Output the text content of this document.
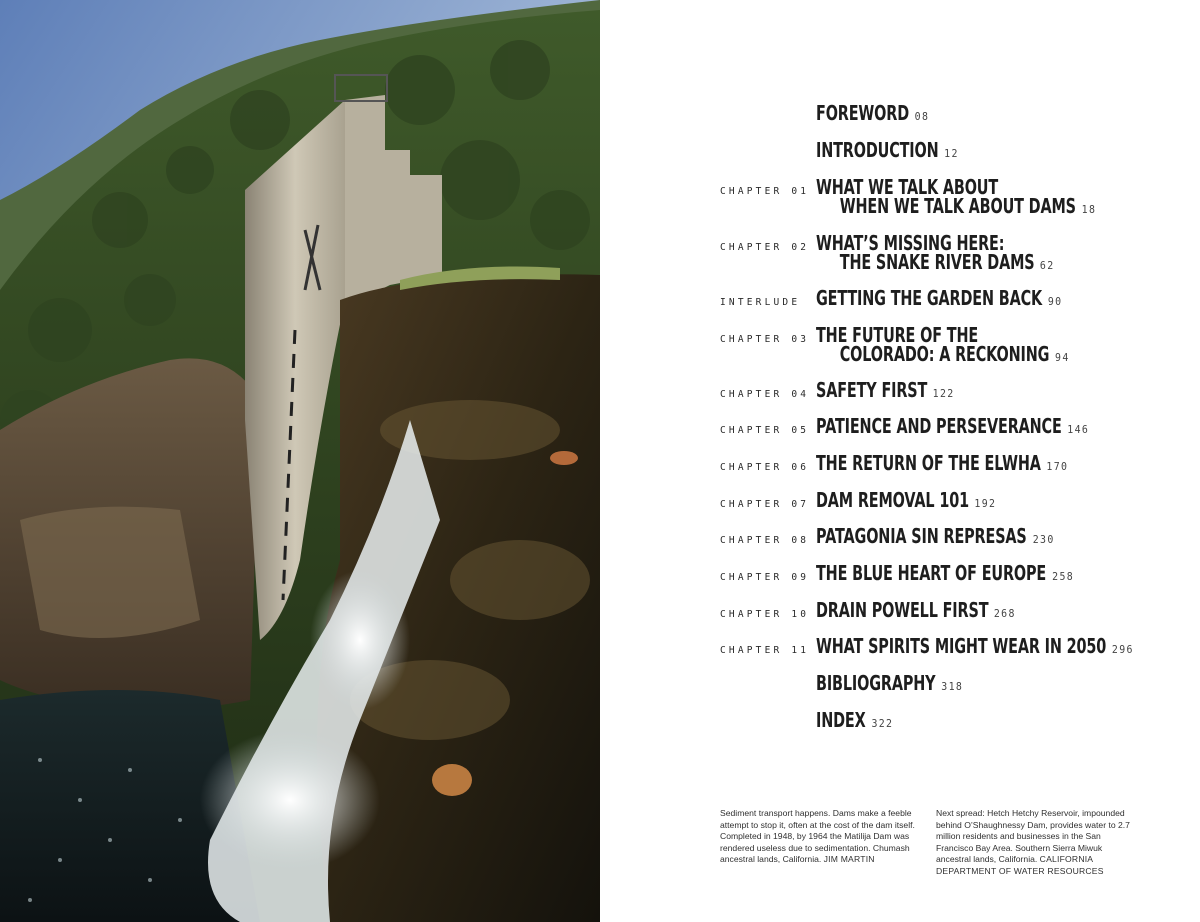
FOREWORD 08
INTRODUCTION 12
CHAPTER 01 WHAT WE TALK ABOUT
WHEN WE TALK ABOUT DAMS 18
CHAPTER 02 WHAT’S MISSING HERE:
THE SNAKE RIVER DAMS 62
INTERLUDE GETTING THE GARDEN BACK 90
CHAPTER 03 THE FUTURE OF THE
COLORADO: A RECKONING 94
CHAPTER 04 SAFETY FIRST 122
CHAPTER 05 PATIENCE AND PERSEVERANCE 146
CHAPTER 06 THE RETURN OF THE ELWHA 170
CHAPTER 07 DAM REMOVAL 101 192
CHAPTER 08 PATAGONIA SIN REPRESAS 230
CHAPTER 09 THE BLUE HEART OF EUROPE 258
CHAPTER 10 DRAIN POWELL FIRST 268
CHAPTER 11 WHAT SPIRITS MIGHT WEAR IN 2050 296
BIBLIOGRAPHY 318
INDEX 322
Sediment transport happens. Dams make a feeble attempt to stop it, often at the cost of the dam itself. Completed in 1948, by 1964 the Matilija Dam was rendered useless due to sedimentation. Chumash ancestral lands, California. JIM MARTIN
Next spread: Hetch Hetchy Reservoir, impounded behind O’Shaughnessy Dam, provides water to 2.7 million residents and businesses in the San Francisco Bay Area. Southern Sierra Miwuk ancestral lands, California. CALIFORNIA DEPARTMENT OF WATER RESOURCES
